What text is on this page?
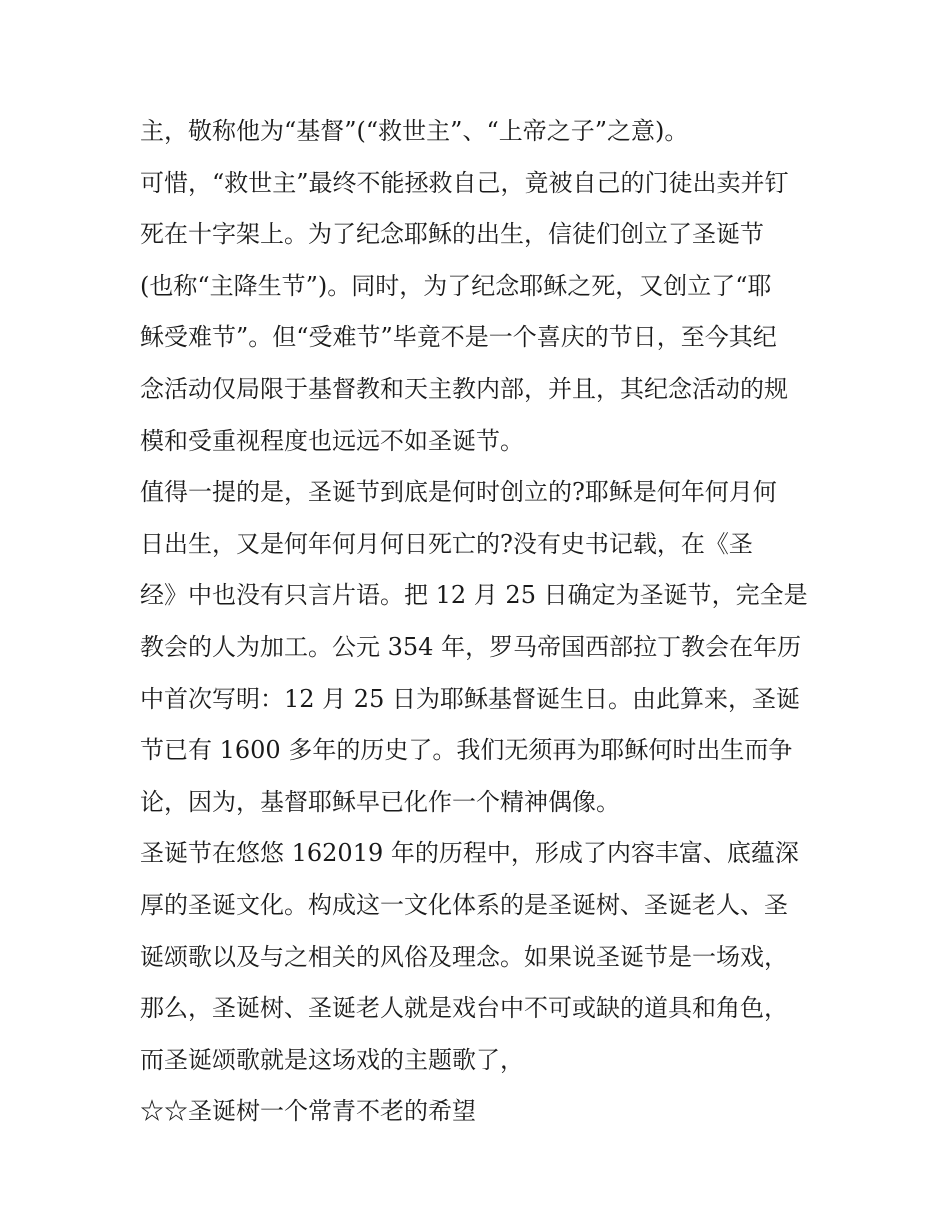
主，敬称他为“基督”(“救世主”、“上帝之子”之意)。
可惜，“救世主”最终不能拯救自己，竟被自己的门徒出卖并钉
死在十字架上。为了纪念耶稣的出生，信徒们创立了圣诞节
(也称“主降生节”)。同时，为了纪念耶稣之死，又创立了“耶
稣受难节”。但“受难节”毕竟不是一个喜庆的节日，至今其纪
念活动仅局限于基督教和天主教内部，并且，其纪念活动的规
模和受重视程度也远远不如圣诞节。
值得一提的是，圣诞节到底是何时创立的?耶稣是何年何月何
日出生，又是何年何月何日死亡的?没有史书记载，在《圣
经》中也没有只言片语。把 12 月 25 日确定为圣诞节，完全是
教会的人为加工。公元 354 年，罗马帝国西部拉丁教会在年历
中首次写明：12 月 25 日为耶稣基督诞生日。由此算来，圣诞
节已有 1600 多年的历史了。我们无须再为耶稣何时出生而争
论，因为，基督耶稣早已化作一个精神偶像。
圣诞节在悠悠 162019 年的历程中，形成了内容丰富、底蕴深
厚的圣诞文化。构成这一文化体系的是圣诞树、圣诞老人、圣
诞颂歌以及与之相关的风俗及理念。如果说圣诞节是一场戏，
那么，圣诞树、圣诞老人就是戏台中不可或缺的道具和角色，
而圣诞颂歌就是这场戏的主题歌了，
☆☆圣诞树一个常青不老的希望
